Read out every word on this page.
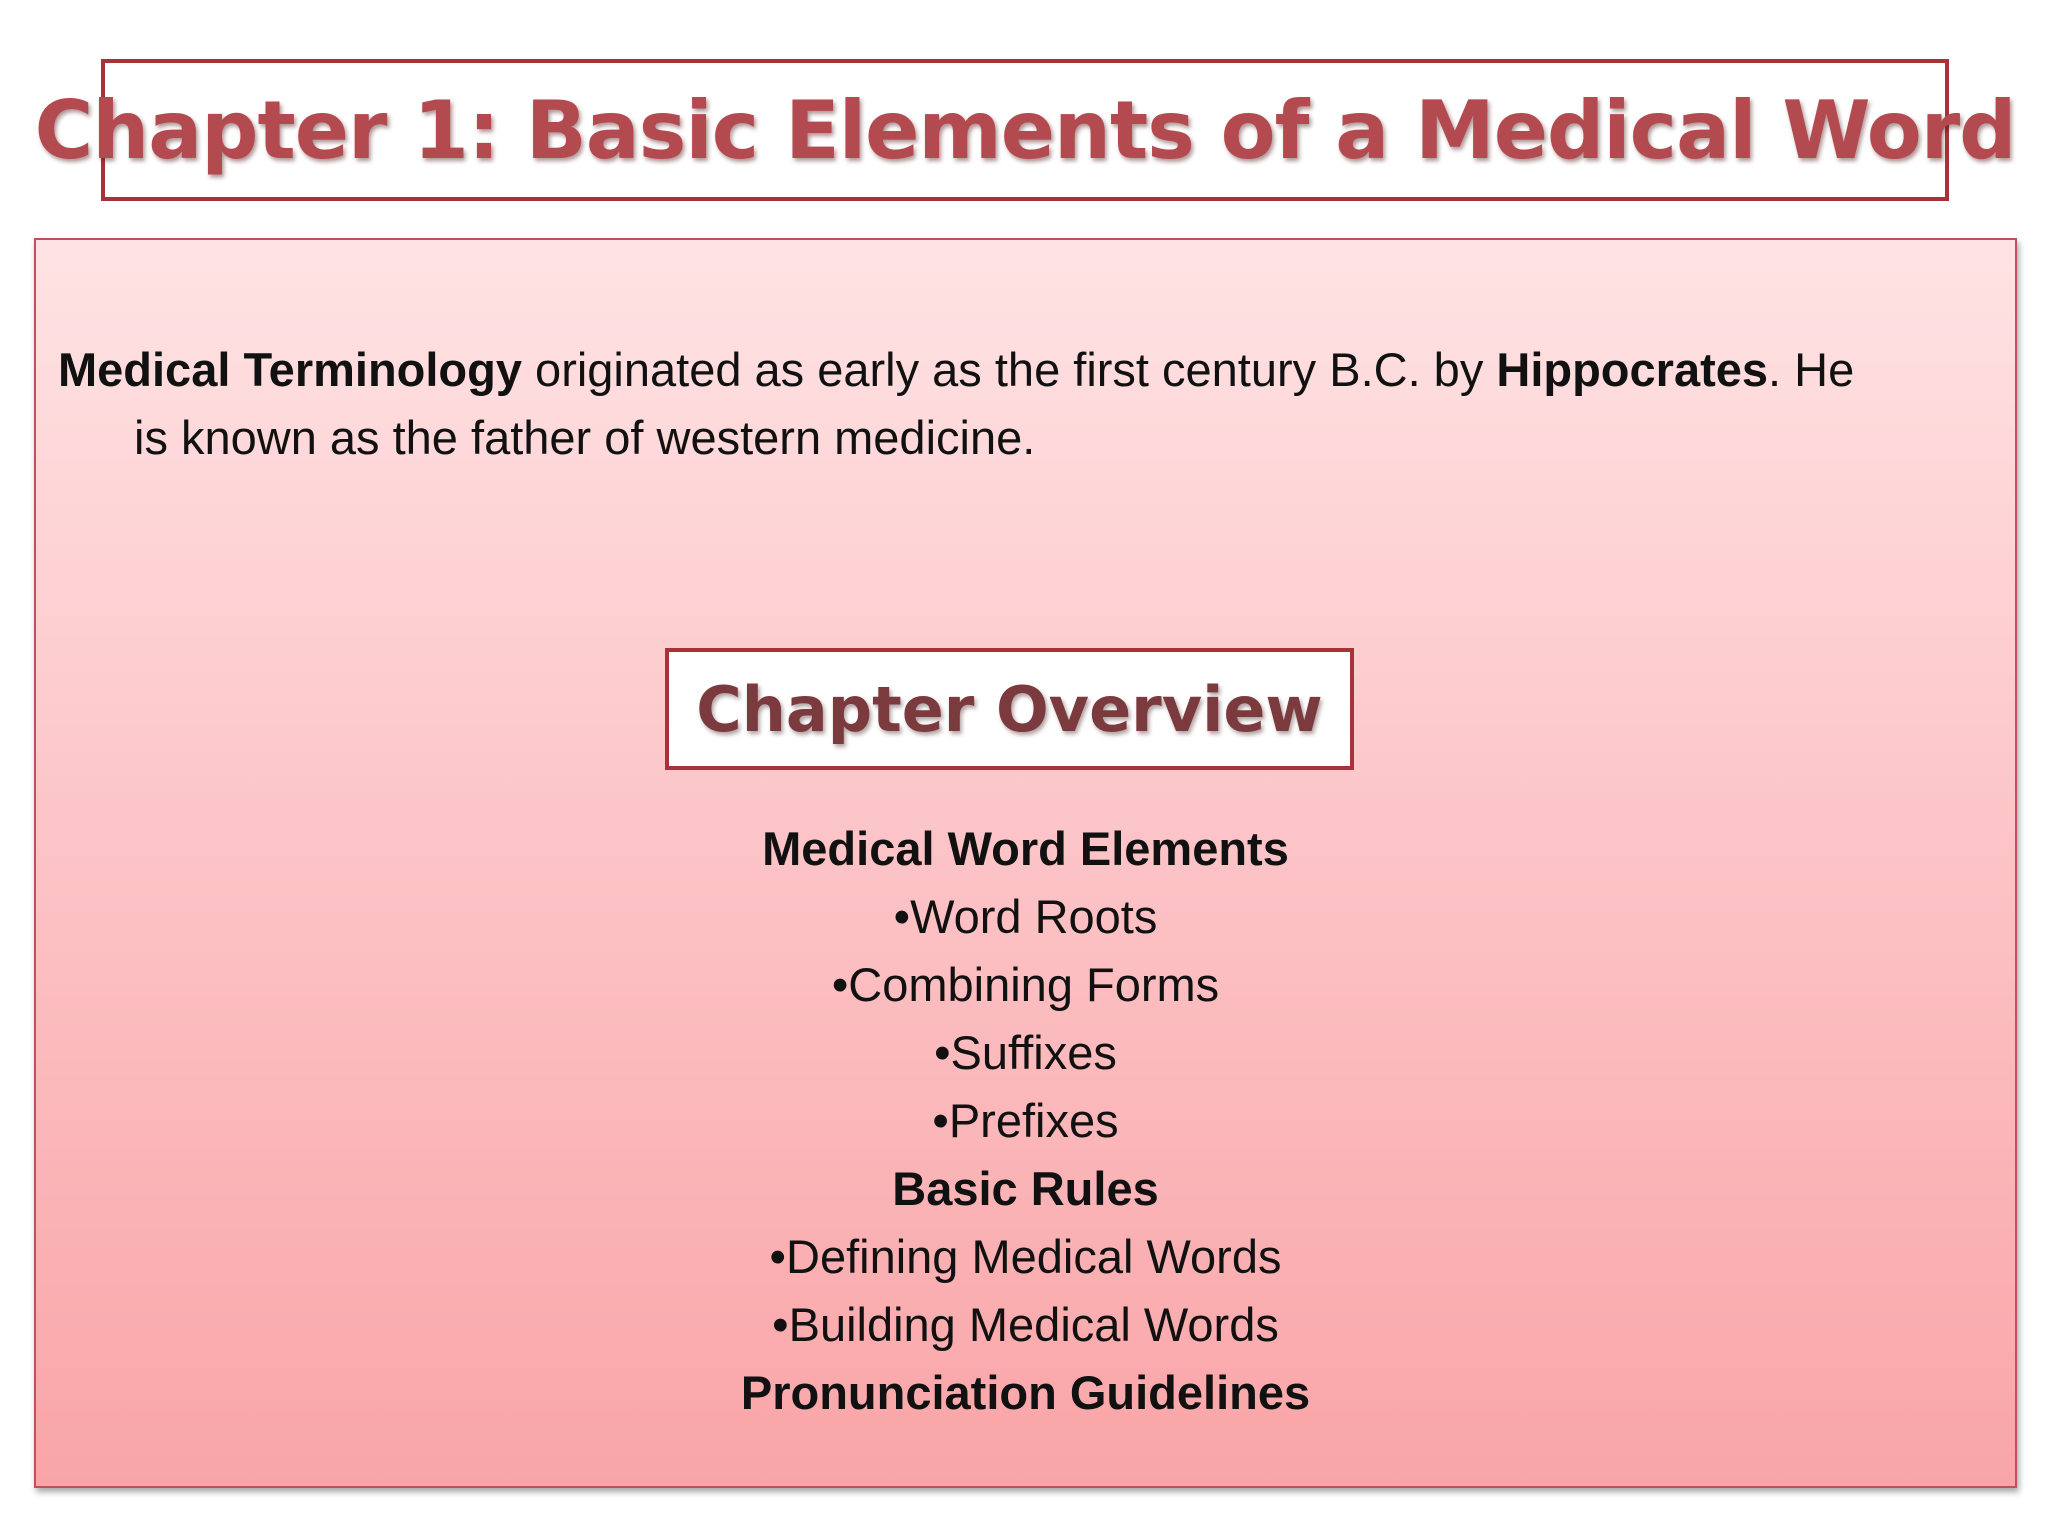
Chapter 1: Basic Elements of a Medical Word
Medical Terminology originated as early as the first century B.C. by Hippocrates. He
is known as the father of western medicine.
Chapter Overview
Medical Word Elements
•Word Roots
•Combining Forms
•Suffixes
•Prefixes
Basic Rules
•Defining Medical Words
•Building Medical Words
Pronunciation Guidelines
